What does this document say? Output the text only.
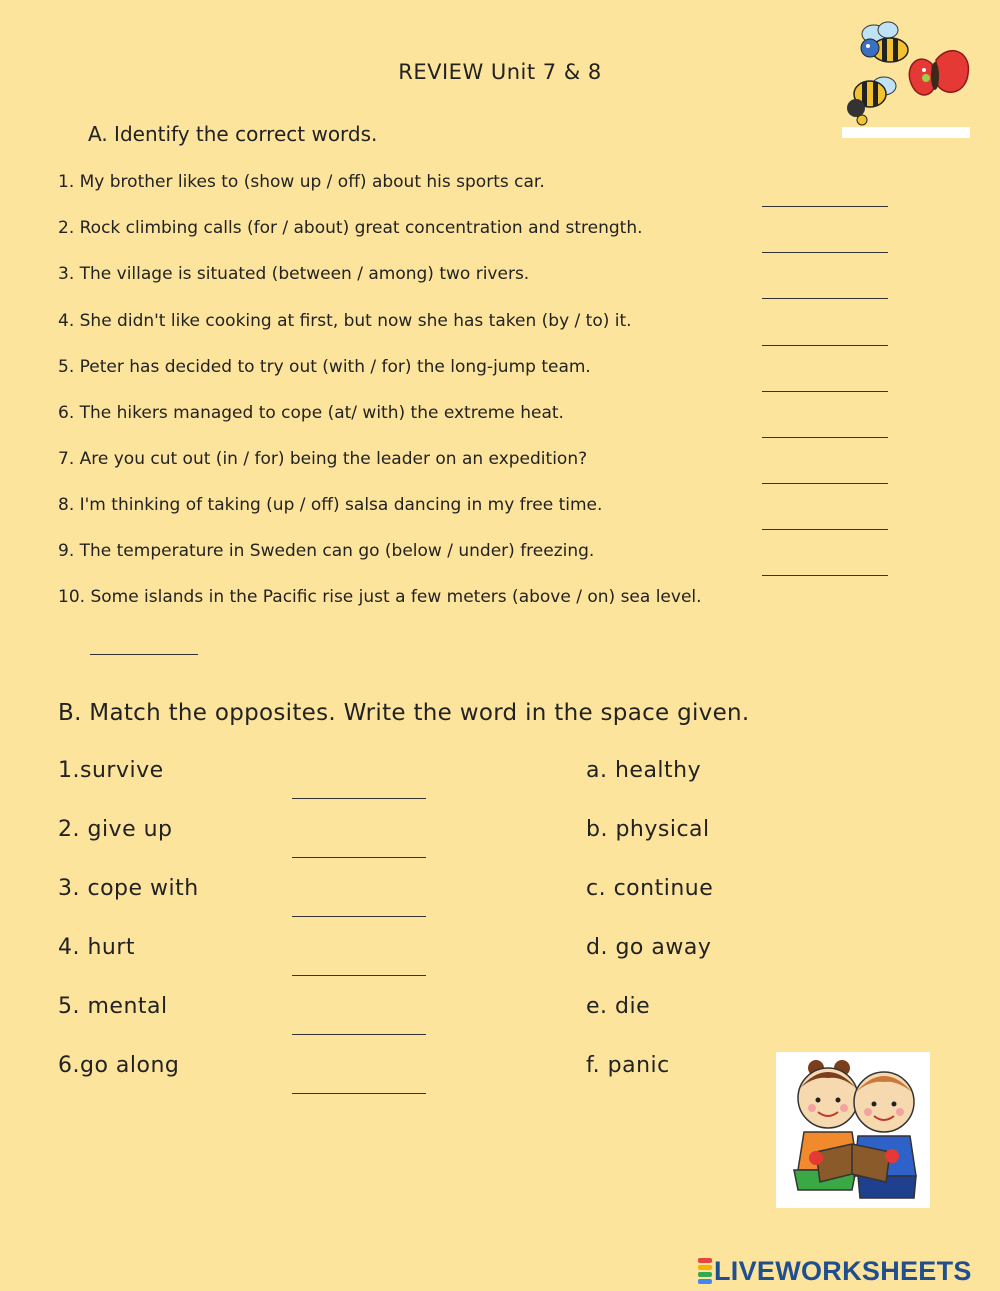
REVIEW Unit 7 & 8
A. Identify the correct words.
1. My brother likes to (show up / off) about his sports car.
2. Rock climbing calls (for / about) great concentration and strength.
3. The village is situated (between / among) two rivers.
4. She didn't like cooking at first, but now she has taken (by / to) it.
5. Peter has decided to try out (with / for) the long-jump team.
6. The hikers managed to cope (at/ with) the extreme heat.
7. Are you cut out (in / for) being the leader on an expedition?
8. I'm thinking of taking (up / off) salsa dancing in my free time.
9. The temperature in Sweden can go (below / under) freezing.
10. Some islands in the Pacific rise just a few meters (above / on) sea level.
B. Match the opposites. Write the word in the space given.
1.survive	a. healthy
2. give up	b. physical
3. cope with	c. continue
4. hurt	d. go away
5. mental	e. die
6.go along	f. panic
LIVEWORKSHEETS
